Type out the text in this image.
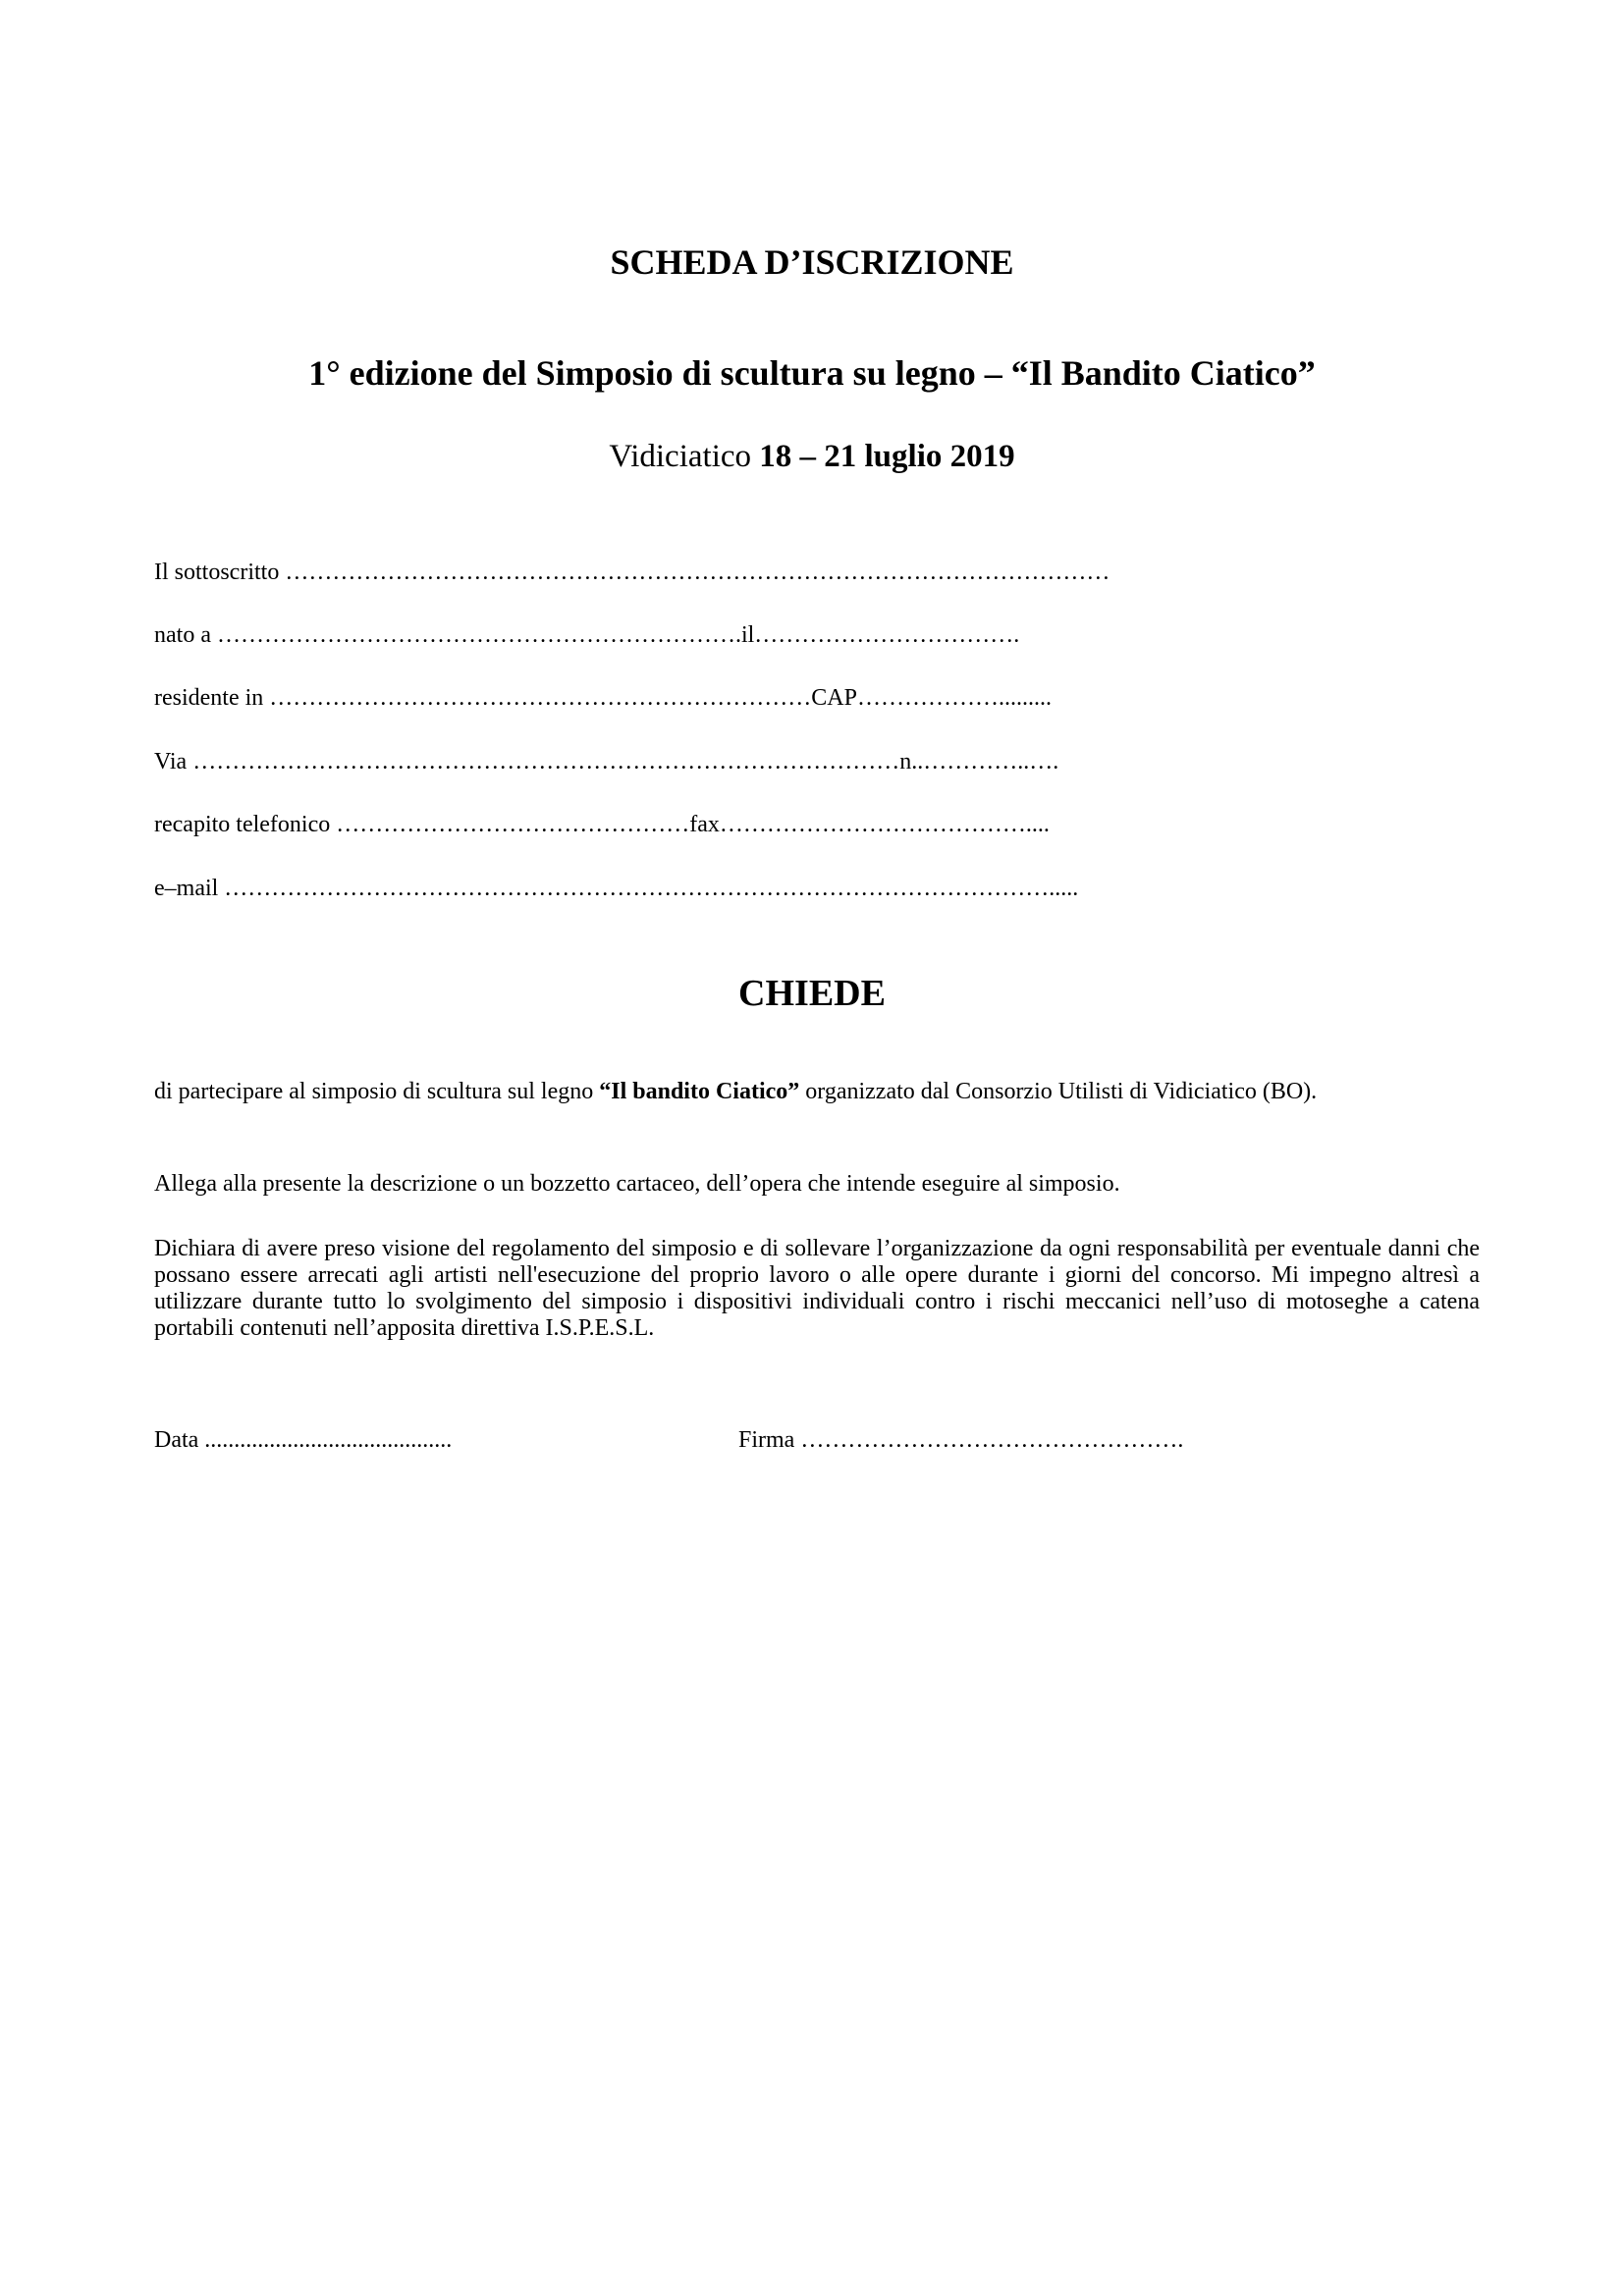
SCHEDA D’ISCRIZIONE
1° edizione del Simposio di scultura su legno – “Il Bandito Ciatico”
Vidiciatico 18 – 21 luglio 2019
Il sottoscritto ……………………………………………………………………………………………
nato a ………………………………………………………….il…………………………….
residente in ……………………………………………………………CAP……………….........
Via ………………………………………………………………………………n..…………..….
recapito telefonico ………………………………………fax…………………………………....
e–mail …………………………………………………………………………………………….....
CHIEDE
di partecipare al simposio di scultura sul legno “Il bandito Ciatico” organizzato dal Consorzio Utilisti di Vidiciatico (BO).
Allega alla presente la descrizione o un bozzetto cartaceo, dell’opera che intende eseguire al simposio.
Dichiara di avere preso visione del regolamento del simposio e di sollevare l’organizzazione da ogni responsabilità per eventuale danni che possano essere arrecati agli artisti nell'esecuzione del proprio lavoro o alle opere durante i giorni del concorso. Mi impegno altresì a utilizzare durante tutto lo svolgimento del simposio i dispositivi individuali contro i rischi meccanici nell’uso di motoseghe a catena portabili contenuti nell’apposita direttiva I.S.P.E.S.L.
Data ..........................................	Firma ………………………………………….
